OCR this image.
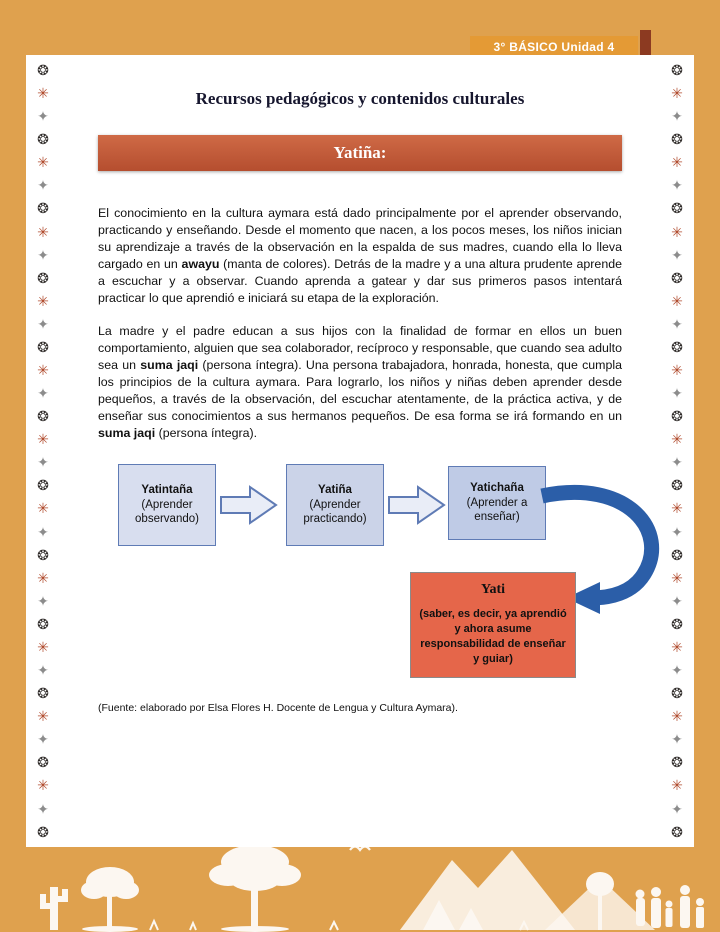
3° BÁSICO Unidad 4
❂
✳
✦
❂
✳
✦
❂
✳
✦
❂
✳
✦
❂
✳
✦
❂
✳
✦
❂
✳
✦
❂
✳
✦
❂
✳
✦
❂
✳
✦
❂
✳
✦
❂
❂
✳
✦
❂
✳
✦
❂
✳
✦
❂
✳
✦
❂
✳
✦
❂
✳
✦
❂
✳
✦
❂
✳
✦
❂
✳
✦
❂
✳
✦
❂
✳
✦
❂
Recursos pedagógicos y contenidos culturales
Yatiña:

El conocimiento en la cultura aymara está dado principalmente por el aprender observando, practicando y enseñando. Desde el momento que nacen, a los pocos meses, los niños inician su aprendizaje a través de la observación en la espalda de sus madres, cuando ella lo lleva cargado en un awayu (manta de colores). Detrás de la madre y a una altura prudente aprende a escuchar y a observar. Cuando aprenda a gatear y dar sus primeros pasos intentará practicar lo que aprendió e iniciará su etapa de la exploración.

La madre y el padre educan a sus hijos con la finalidad de formar en ellos un buen comportamiento, alguien que sea colaborador, recíproco y responsable, que cuando sea adulto sea un suma jaqi (persona íntegra). Una persona trabajadora, honrada, honesta, que cumpla los principios de la cultura aymara. Para lograrlo, los niños y niñas deben aprender desde pequeños, a través de la observación, del escuchar atentamente, de la práctica activa, y de enseñar sus conocimientos a sus hermanos pequeños. De esa forma se irá formando en un suma jaqi (persona íntegra).

Yatintaña
(Aprender observando)
Yatiña
(Aprender practicando)
Yatichaña
(Aprender a enseñar)
Yati
(saber, es decir, ya aprendió y ahora asume responsabilidad de enseñar y guiar)
(Fuente: elaborado por Elsa Flores H. Docente de Lengua y Cultura Aymara).
